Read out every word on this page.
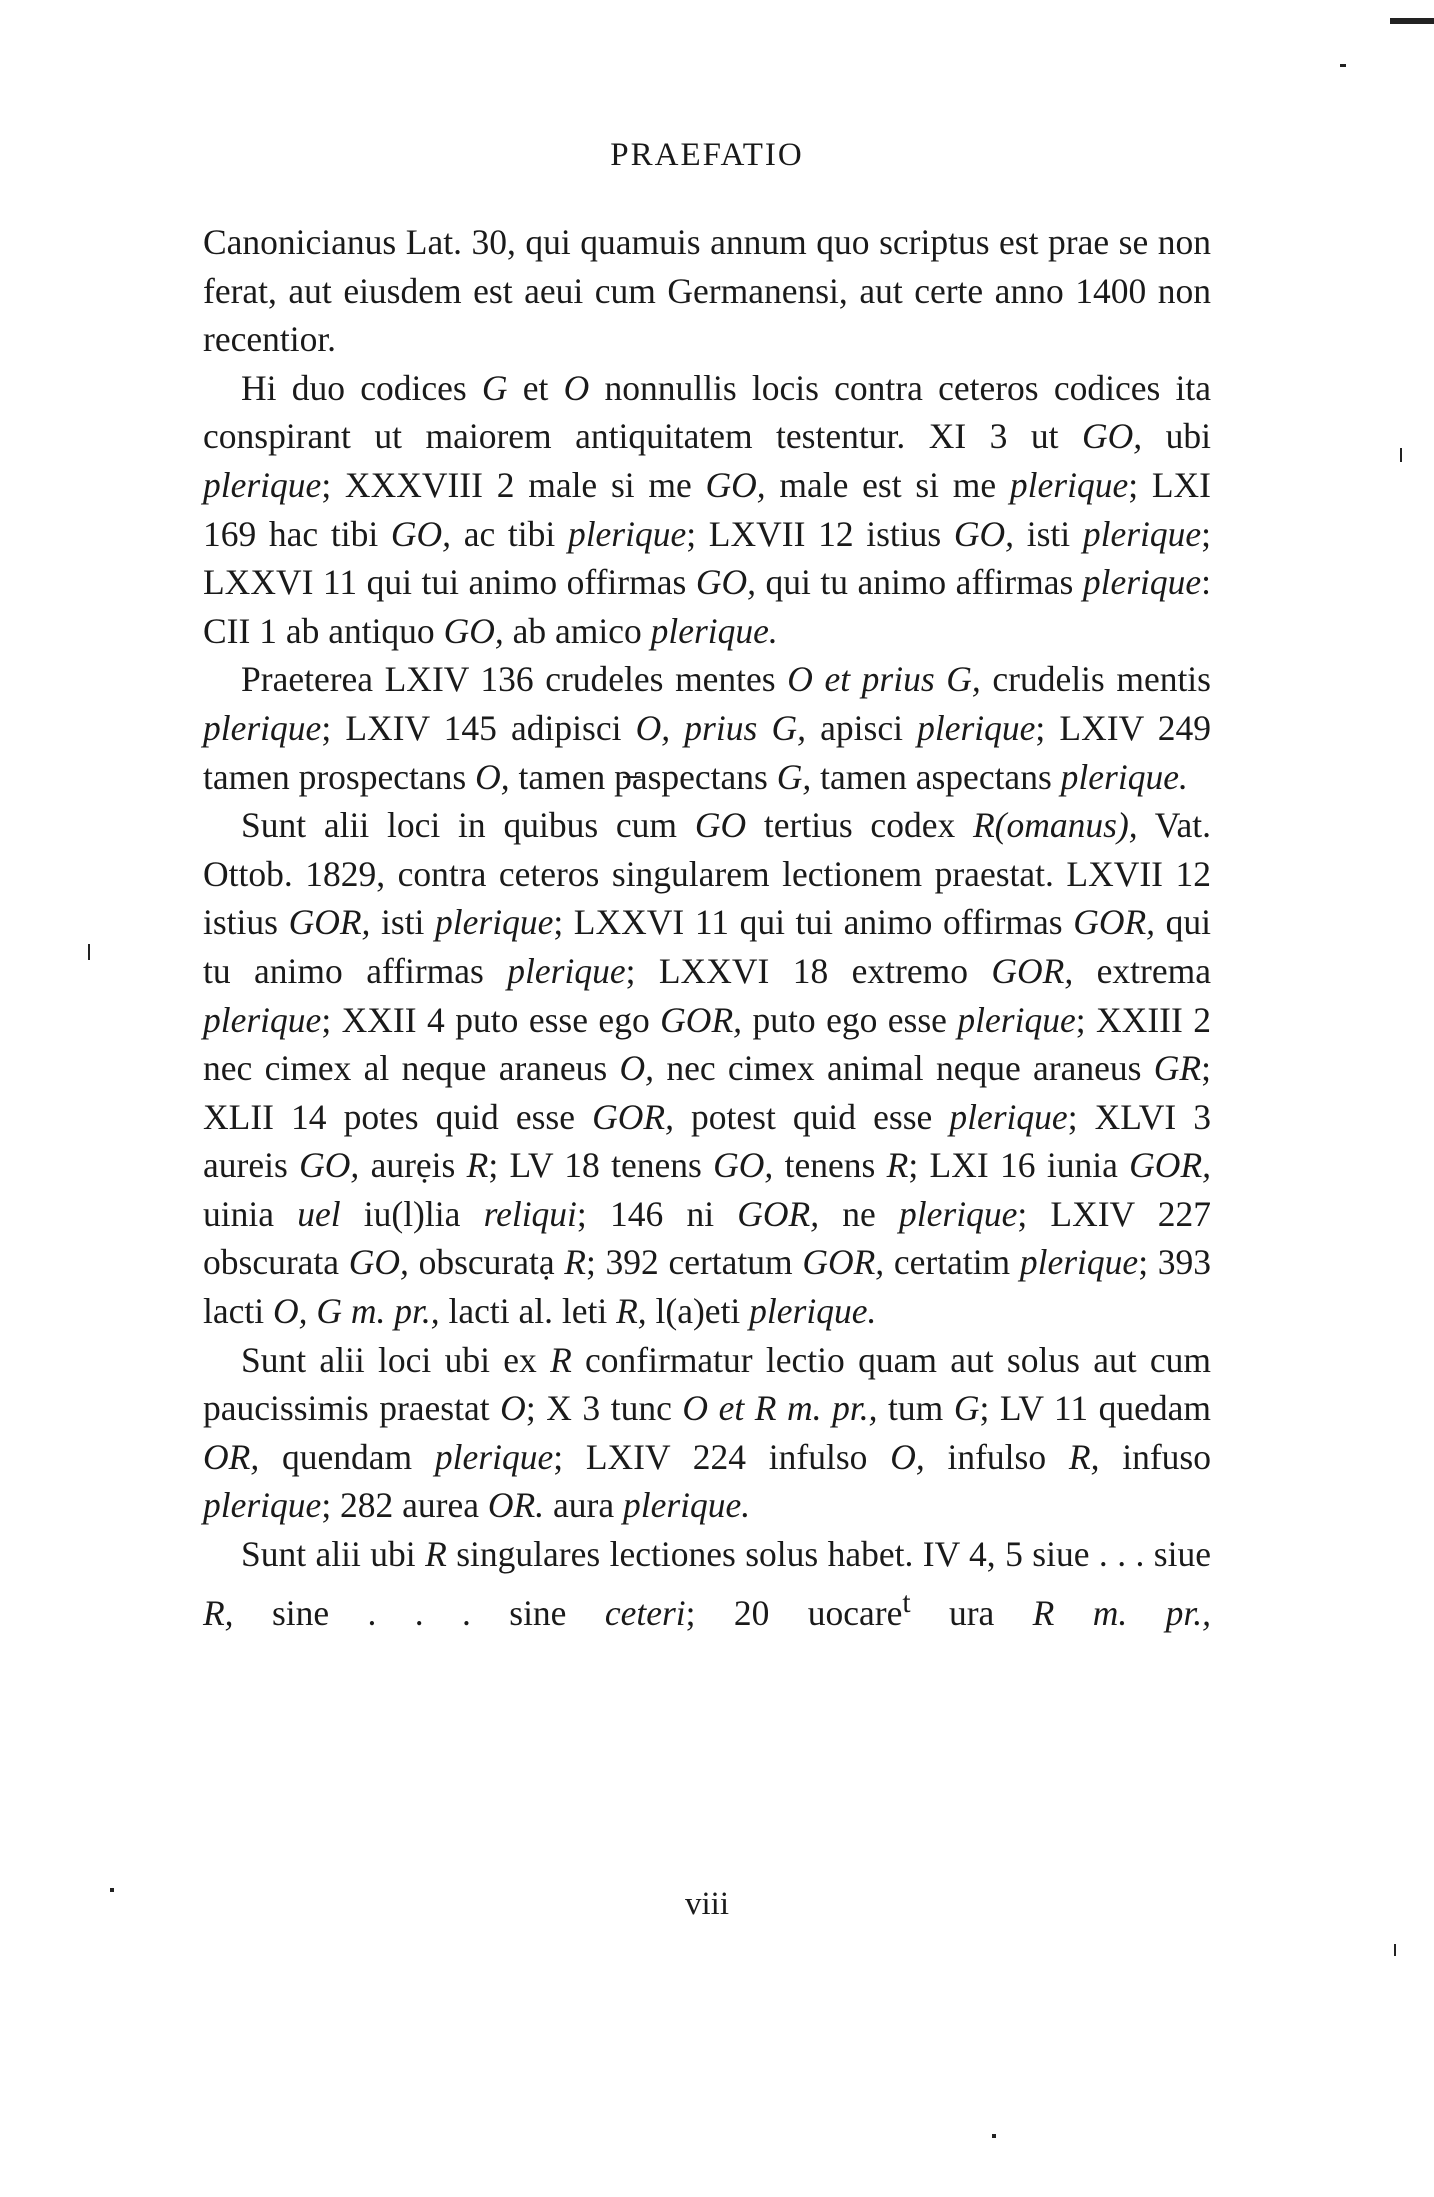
PRAEFATIO

Canonicianus Lat. 30, qui quamuis annum quo scriptus est prae se non ferat, aut eiusdem est aeui cum Germanensi, aut certe anno 1400 non recentior.

Hi duo codices G et O nonnullis locis contra ceteros codices ita conspirant ut maiorem antiquitatem testentur. XI 3 ut GO, ubi plerique; XXXVIII 2 male si me GO, male est si me plerique; LXI 169 hac tibi GO, ac tibi plerique; LXVII 12 istius GO, isti plerique; LXXVI 11 qui tui animo offirmas GO, qui tu animo affirmas plerique: CII 1 ab antiquo GO, ab amico plerique.

Praeterea LXIV 136 crudeles mentes O et prius G, crudelis mentis plerique; LXIV 145 adipisci O, prius G, apisci plerique; LXIV 249 tamen prospectans O, tamen p̶aspectans G, tamen aspectans plerique.

Sunt alii loci in quibus cum GO tertius codex R(omanus), Vat. Ottob. 1829, contra ceteros singularem lectionem praestat. LXVII 12 istius GOR, isti plerique; LXXVI 11 qui tui animo offirmas GOR, qui tu animo affirmas plerique; LXXVI 18 extremo GOR, extrema plerique; XXII 4 puto esse ego GOR, puto ego esse plerique; XXIII 2 nec cimex al neque araneus O, nec cimex animal neque araneus GR; XLII 14 potes quid esse GOR, potest quid esse plerique; XLVI 3 aureis GO, aurẹis R; LV 18 tenens GO, tenens R; LXI 16 iunia GOR, uinia uel iu(l)lia reliqui; 146 ni GOR, ne plerique; LXIV 227 obscurata GO, obscuratạ R; 392 certatum GOR, certatim plerique; 393 lacti O, G m. pr., lacti al. leti R, l(a)eti plerique.

Sunt alii loci ubi ex R confirmatur lectio quam aut solus aut cum paucissimis praestat O; X 3 tunc O et R m. pr., tum G; LV 11 quedam OR, quendam plerique; LXIV 224 infulso O, infulso R, infuso plerique; 282 aurea OR. aura plerique.

Sunt alii ubi R singulares lectiones solus habet. IV 4, 5 siue . . . siue R, sine . . . sine ceteri; 20 uocare$^t$ ura R m. pr.,

viii
